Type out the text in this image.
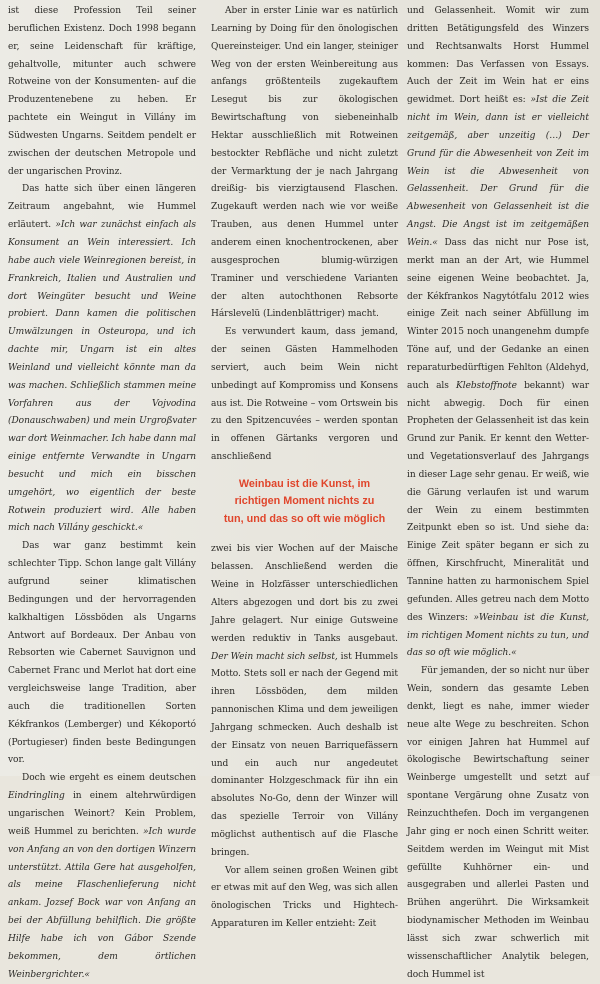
ist diese Profession Teil seiner beruflichen Existenz. Doch 1998 begann er, seine Leidenschaft für kräftige, gehaltvolle, mitunter auch schwere Rotweine von der Konsumenten- auf die Produzentenebene zu heben. Er pachtete ein Weingut in Villány im Südwesten Ungarns. Seitdem pendelt er zwischen der deutschen Metropole und der ungarischen Provinz.

Das hatte sich über einen längeren Zeitraum angebahnt, wie Hummel erläutert. »Ich war zunächst einfach als Konsument an Wein interessiert. Ich habe auch viele Weinregionen bereist, in Frankreich, Italien und Australien und dort Weingüter besucht und Weine probiert. Dann kamen die politischen Umwälzungen in Osteuropa, und ich dachte mir, Ungarn ist ein altes Weinland und vielleicht könnte man da was machen. Schließlich stammen meine Vorfahren aus der Vojvodina (Donauschwaben) und mein Urgroßvater war dort Weinmacher. Ich habe dann mal einige entfernte Verwandte in Ungarn besucht und mich ein bisschen umgehört, wo eigentlich der beste Rotwein produziert wird. Alle haben mich nach Villány geschickt.«

Das war ganz bestimmt kein schlechter Tipp. Schon lange galt Villány aufgrund seiner klimatischen Bedingungen und der hervorragenden kalkhaltigen Lössböden als Ungarns Antwort auf Bordeaux. Der Anbau von Rebsorten wie Cabernet Sauvignon und Cabernet Franc und Merlot hat dort eine vergleichsweise lange Tradition, aber auch die traditionellen Sorten Kékfrankos (Lemberger) und Kékoportó (Portugieser) finden beste Bedingungen vor.

Doch wie ergeht es einem deutschen Eindringling in einem altehrwürdigen ungarischen Weinort? Kein Problem, weiß Hummel zu berichten. »Ich wurde von Anfang an von den dortigen Winzern unterstützt. Attila Gere hat ausgeholfen, als meine Flaschenlieferung nicht ankam. Jozsef Bock war von Anfang an bei der Abfüllung behilflich. Die größte Hilfe habe ich von Gábor Szende bekommen, dem örtlichen Weinbergrichter.«

Aber in erster Linie war es natürlich Learning by Doing für den önologischen Quereinsteiger. Und ein langer, steiniger Weg von der ersten Weinbereitung aus anfangs größtenteils zugekauftem Lesegut bis zur ökologischen Bewirtschaftung von siebeneinhalb Hektar ausschließlich mit Rotweinen bestockter Rebfläche und nicht zuletzt der Vermarktung der je nach Jahrgang dreißig- bis vierzigtausend Flaschen. Zugekauft werden nach wie vor weiße Trauben, aus denen Hummel unter anderem einen knochentrockenen, aber ausgesprochen blumig-würzigen Traminer und verschiedene Varianten der alten autochthonen Rebsorte Hárslevelü (Lindenblättriger) macht.

Es verwundert kaum, dass jemand, der seinen Gästen Hammelhoden serviert, auch beim Wein nicht unbedingt auf Kompromiss und Konsens aus ist. Die Rotweine – vom Ortswein bis zu den Spitzencuvées – werden spontan in offenen Gärtanks vergoren und anschließend

Weinbau ist die Kunst, im
richtigen Moment nichts zu
tun, und das so oft wie möglich

zwei bis vier Wochen auf der Maische belassen. Anschließend werden die Weine in Holzfässer unterschiedlichen Alters abgezogen und dort bis zu zwei Jahre gelagert. Nur einige Gutsweine werden reduktiv in Tanks ausgebaut. Der Wein macht sich selbst, ist Hummels Motto. Stets soll er nach der Gegend mit ihren Lössböden, dem milden pannonischen Klima und dem jeweiligen Jahrgang schmecken. Auch deshalb ist der Einsatz von neuen Barriquefässern und ein auch nur angedeutet dominanter Holzgeschmack für ihn ein absolutes No-Go, denn der Winzer will das spezielle Terroir von Villány möglichst authentisch auf die Flasche bringen.

Vor allem seinen großen Weinen gibt er etwas mit auf den Weg, was sich allen önologischen Tricks und Hightech-Apparaturen im Keller entzieht: Zeit

und Gelassenheit. Womit wir zum dritten Betätigungsfeld des Winzers und Rechtsanwalts Horst Hummel kommen: Das Verfassen von Essays. Auch der Zeit im Wein hat er eins gewidmet. Dort heißt es: »Ist die Zeit nicht im Wein, dann ist er vielleicht zeitgemäß, aber unzeitig (…) Der Grund für die Abwesenheit von Zeit im Wein ist die Abwesenheit von Gelassenheit. Der Grund für die Abwesenheit von Gelassenheit ist die Angst. Die Angst ist im zeitgemäßen Wein.« Dass das nicht nur Pose ist, merkt man an der Art, wie Hummel seine eigenen Weine beobachtet. Ja, der Kékfrankos Nagytótfalu 2012 wies einige Zeit nach seiner Abfüllung im Winter 2015 noch unangenehm dumpfe Töne auf, und der Gedanke an einen reparaturbedürftigen Fehlton (Aldehyd, auch als Klebstoffnote bekannt) war nicht abwegig. Doch für einen Propheten der Gelassenheit ist das kein Grund zur Panik. Er kennt den Wetter- und Vegetationsverlauf des Jahrgangs in dieser Lage sehr genau. Er weiß, wie die Gärung verlaufen ist und warum der Wein zu einem bestimmten Zeitpunkt eben so ist. Und siehe da: Einige Zeit später begann er sich zu öffnen, Kirschfrucht, Mineralität und Tannine hatten zu harmonischem Spiel gefunden. Alles getreu nach dem Motto des Winzers: »Weinbau ist die Kunst, im richtigen Moment nichts zu tun, und das so oft wie möglich.«

Für jemanden, der so nicht nur über Wein, sondern das gesamte Leben denkt, liegt es nahe, immer wieder neue alte Wege zu beschreiten. Schon vor einigen Jahren hat Hummel auf ökologische Bewirtschaftung seiner Weinberge umgestellt und setzt auf spontane Vergärung ohne Zusatz von Reinzuchthefen. Doch im vergangenen Jahr ging er noch einen Schritt weiter. Seitdem werden im Weingut mit Mist gefüllte Kuhhörner ein- und ausgegraben und allerlei Pasten und Brühen angerührt. Die Wirksamkeit biodynamischer Methoden im Weinbau lässt sich zwar schwerlich mit wissenschaftlicher Analytik belegen, doch Hummel ist
